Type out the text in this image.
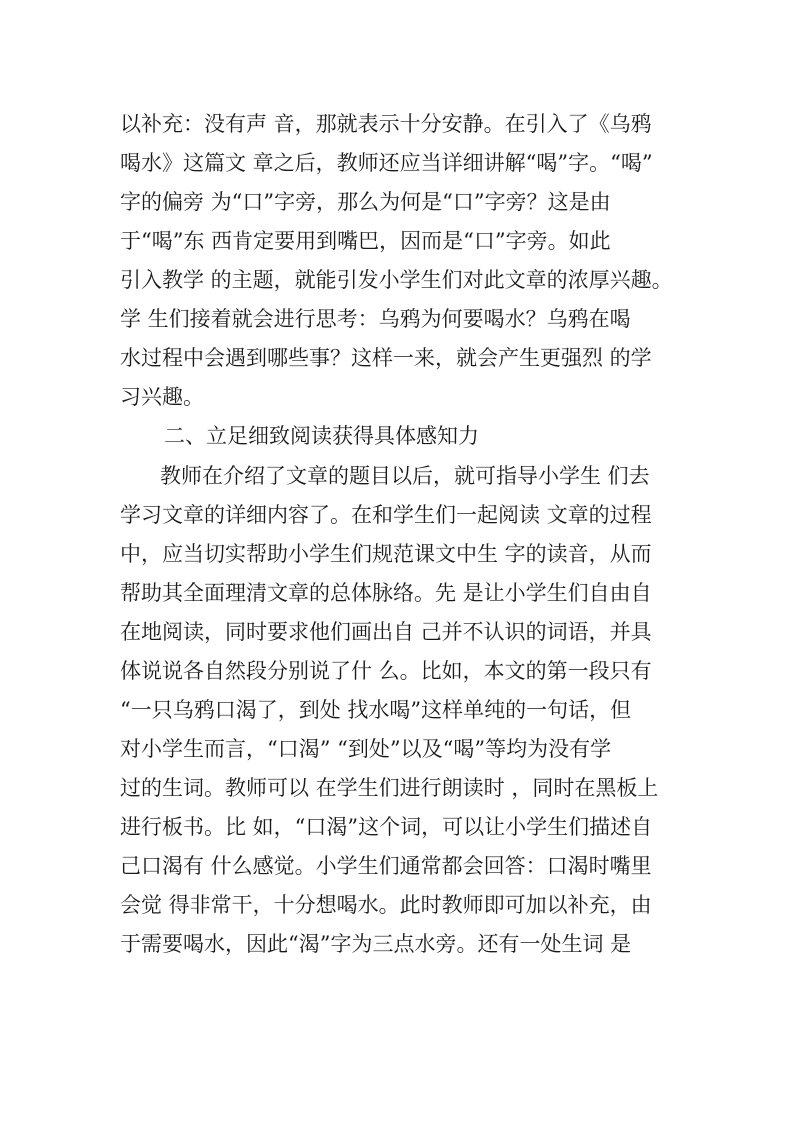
以补充：没有声 音，那就表示十分安静。在引入了《乌鸦
喝水》这篇文 章之后，教师还应当详细讲解“喝”字。“喝”
字的偏旁 为“口”字旁，那么为何是“口”字旁？这是由
于“喝”东 西肯定要用到嘴巴，因而是“口”字旁。如此
引入教学 的主题，就能引发小学生们对此文章的浓厚兴趣。
学 生们接着就会进行思考：乌鸦为何要喝水？乌鸦在喝
水过程中会遇到哪些事？这样一来，就会产生更强烈 的学
习兴趣。
二、立足细致阅读获得具体感知力
教师在介绍了文章的题目以后，就可指导小学生 们去
学习文章的详细内容了。在和学生们一起阅读 文章的过程
中，应当切实帮助小学生们规范课文中生 字的读音，从而
帮助其全面理清文章的总体脉络。先 是让小学生们自由自
在地阅读，同时要求他们画出自 己并不认识的词语，并具
体说说各自然段分别说了什 么。比如，本文的第一段只有
“一只乌鸦口渴了，到处 找水喝”这样单纯的一句话，但
对小学生而言，“口渴” “到处”以及“喝”等均为没有学
过的生词。教师可以 在学生们进行朗读时 ，同时在黑板上
进行板书。比 如，“口渴”这个词，可以让小学生们描述自
己口渴有 什么感觉。小学生们通常都会回答：口渴时嘴里
会觉 得非常干，十分想喝水。此时教师即可加以补充，由
于需要喝水，因此“渴”字为三点水旁。还有一处生词 是
